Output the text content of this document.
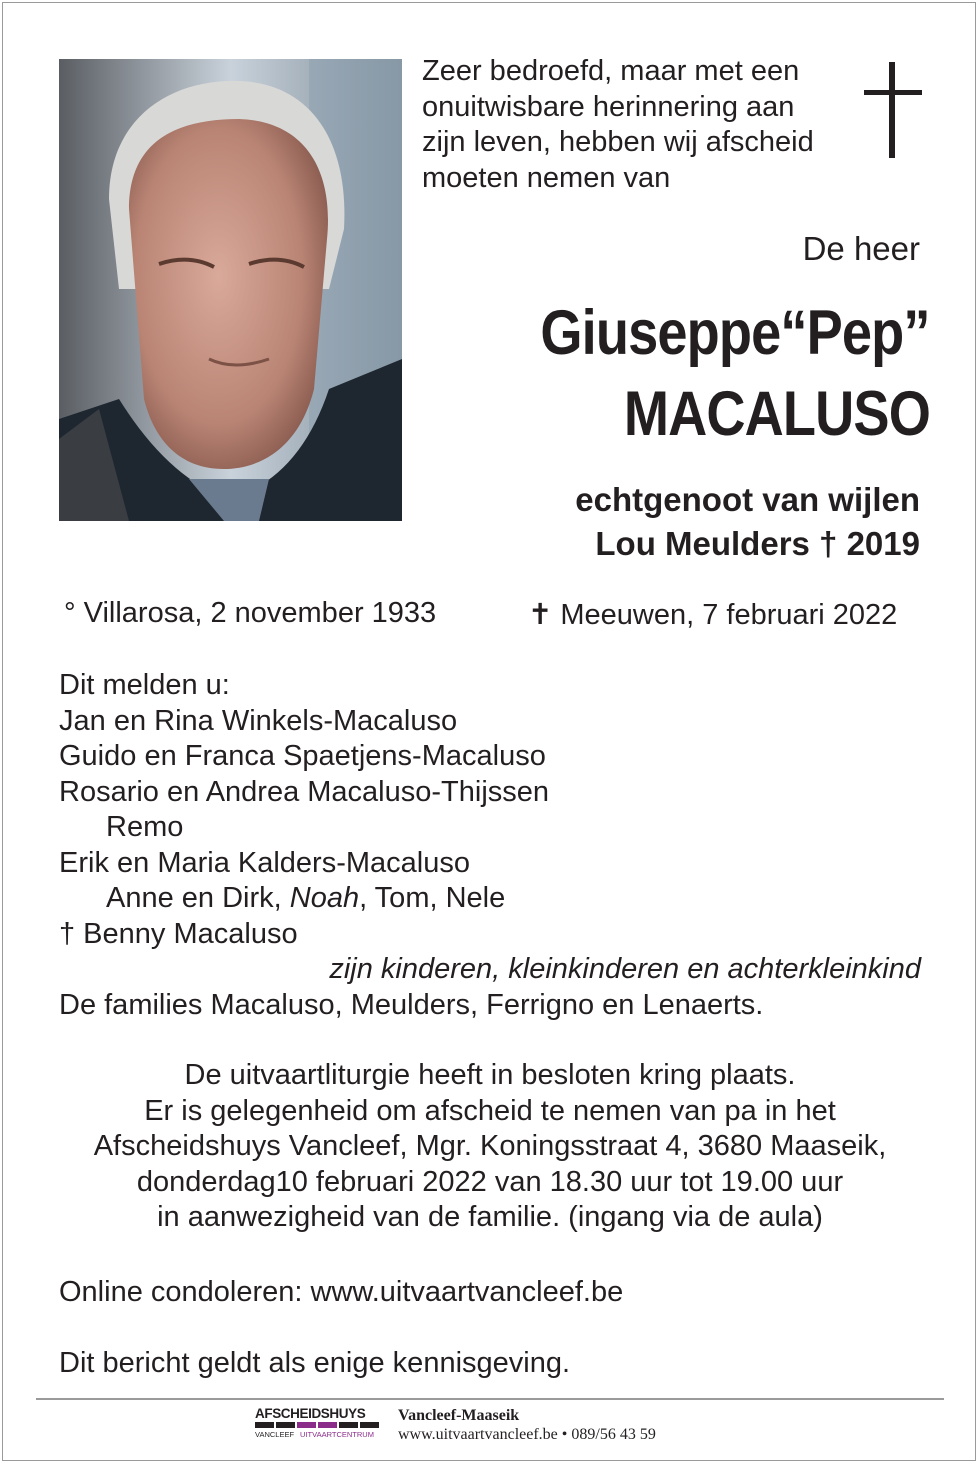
Zeer bedroefd, maar met een
onuitwisbare herinnering aan
zijn leven, hebben wij afscheid
moeten nemen van
De heer
Giuseppe“Pep”
MACALUSO
echtgenoot van wijlen
Lou Meulders † 2019
° Villarosa, 2 november 1933	✝ Meeuwen, 7 februari 2022
Dit melden u:
Jan en Rina Winkels-Macaluso
Guido en Franca Spaetjens-Macaluso
Rosario en Andrea Macaluso-Thijssen
Remo
Erik en Maria Kalders-Macaluso
Anne en Dirk, Noah, Tom, Nele
† Benny Macaluso
zijn kinderen, kleinkinderen en achterkleinkind
De families Macaluso, Meulders, Ferrigno en Lenaerts.
De uitvaartliturgie heeft in besloten kring plaats.
Er is gelegenheid om afscheid te nemen van pa in het
Afscheidshuys Vancleef, Mgr. Koningsstraat 4, 3680 Maaseik,
donderdag10 februari 2022 van 18.30 uur tot 19.00 uur
in aanwezigheid van de familie. (ingang via de aula)
Online condoleren: www.uitvaartvancleef.be
Dit bericht geldt als enige kennisgeving.
AFSCHEIDSHUYS
VANCLEEF UITVAARTCENTRUM
Vancleef-Maaseik
www.uitvaartvancleef.be • 089/56 43 59
